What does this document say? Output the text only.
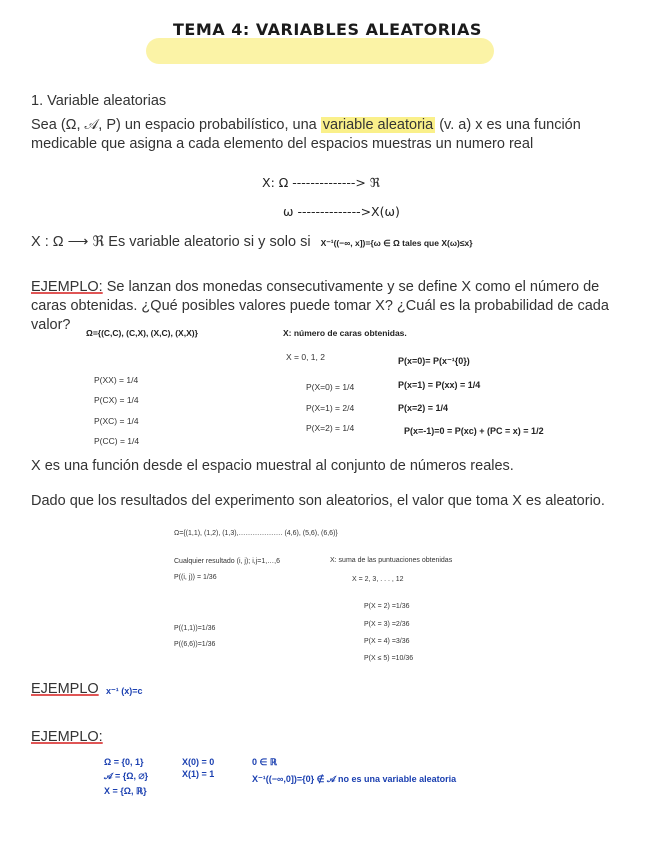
TEMA 4: VARIABLES ALEATORIAS
1. Variable aleatorias
Sea (Ω, 𝒜, P) un espacio probabilístico, una variable aleatoria (v. a) x es una función
medicable que asigna a cada elemento del espacios muestras un numero real
X: Ω --------------> ℜ
ω -------------->X(ω)
X : Ω ⟶ ℜ Es variable aleatorio si y solo si X⁻¹((−∞, x])={ω ∈ Ω tales que X(ω)≤x}
EJEMPLO: Se lanzan dos monedas consecutivamente y se define X como el número de
caras obtenidas. ¿Qué posibles valores puede tomar X? ¿Cuál es la probabilidad de cada
valor? Ω={(C,C), (C,X), (X,C), (X,X)}	X: número de caras obtenidas.
X = 0, 1, 2
P(XX) = 1/4
P(CX) = 1/4
P(XC) = 1/4
P(CC) = 1/4
P(X=0) = 1/4
P(X=1) = 2/4
P(X=2) = 1/4
P(x=0)= P(x⁻¹{0})
P(x=1) = P(xx) = 1/4
P(x=2) = 1/4
P(x=-1)=0 = P(xc) + (PC = x) = 1/2
X es una función desde el espacio muestral al conjunto de números reales.
Dado que los resultados del experimento son aleatorios, el valor que toma X es aleatorio.
Ω={(1,1), (1,2), (1,3),………………. (4,6), (5,6), (6,6)}
Cualquier resultado (i, j); i,j=1,…,6
P((i, j)) = 1/36
X: suma de las puntuaciones obtenidas
X = 2, 3, . . . , 12
P((1,1))=1/36
P((6,6))=1/36
P(X = 2) =1/36
P(X = 3) =2/36
P(X = 4) =3/36
P(X ≤ 5) =10/36
EJEMPLO x⁻¹ (x)=c
EJEMPLO:
Ω = {0, 1}
𝒜 = {Ω, ∅}
X = {Ω, ℝ}
X(0) = 0
X(1) = 1
0 ∈ ℝ
X⁻¹((−∞,0])={0} ∉ 𝒜 no es una variable aleatoria
